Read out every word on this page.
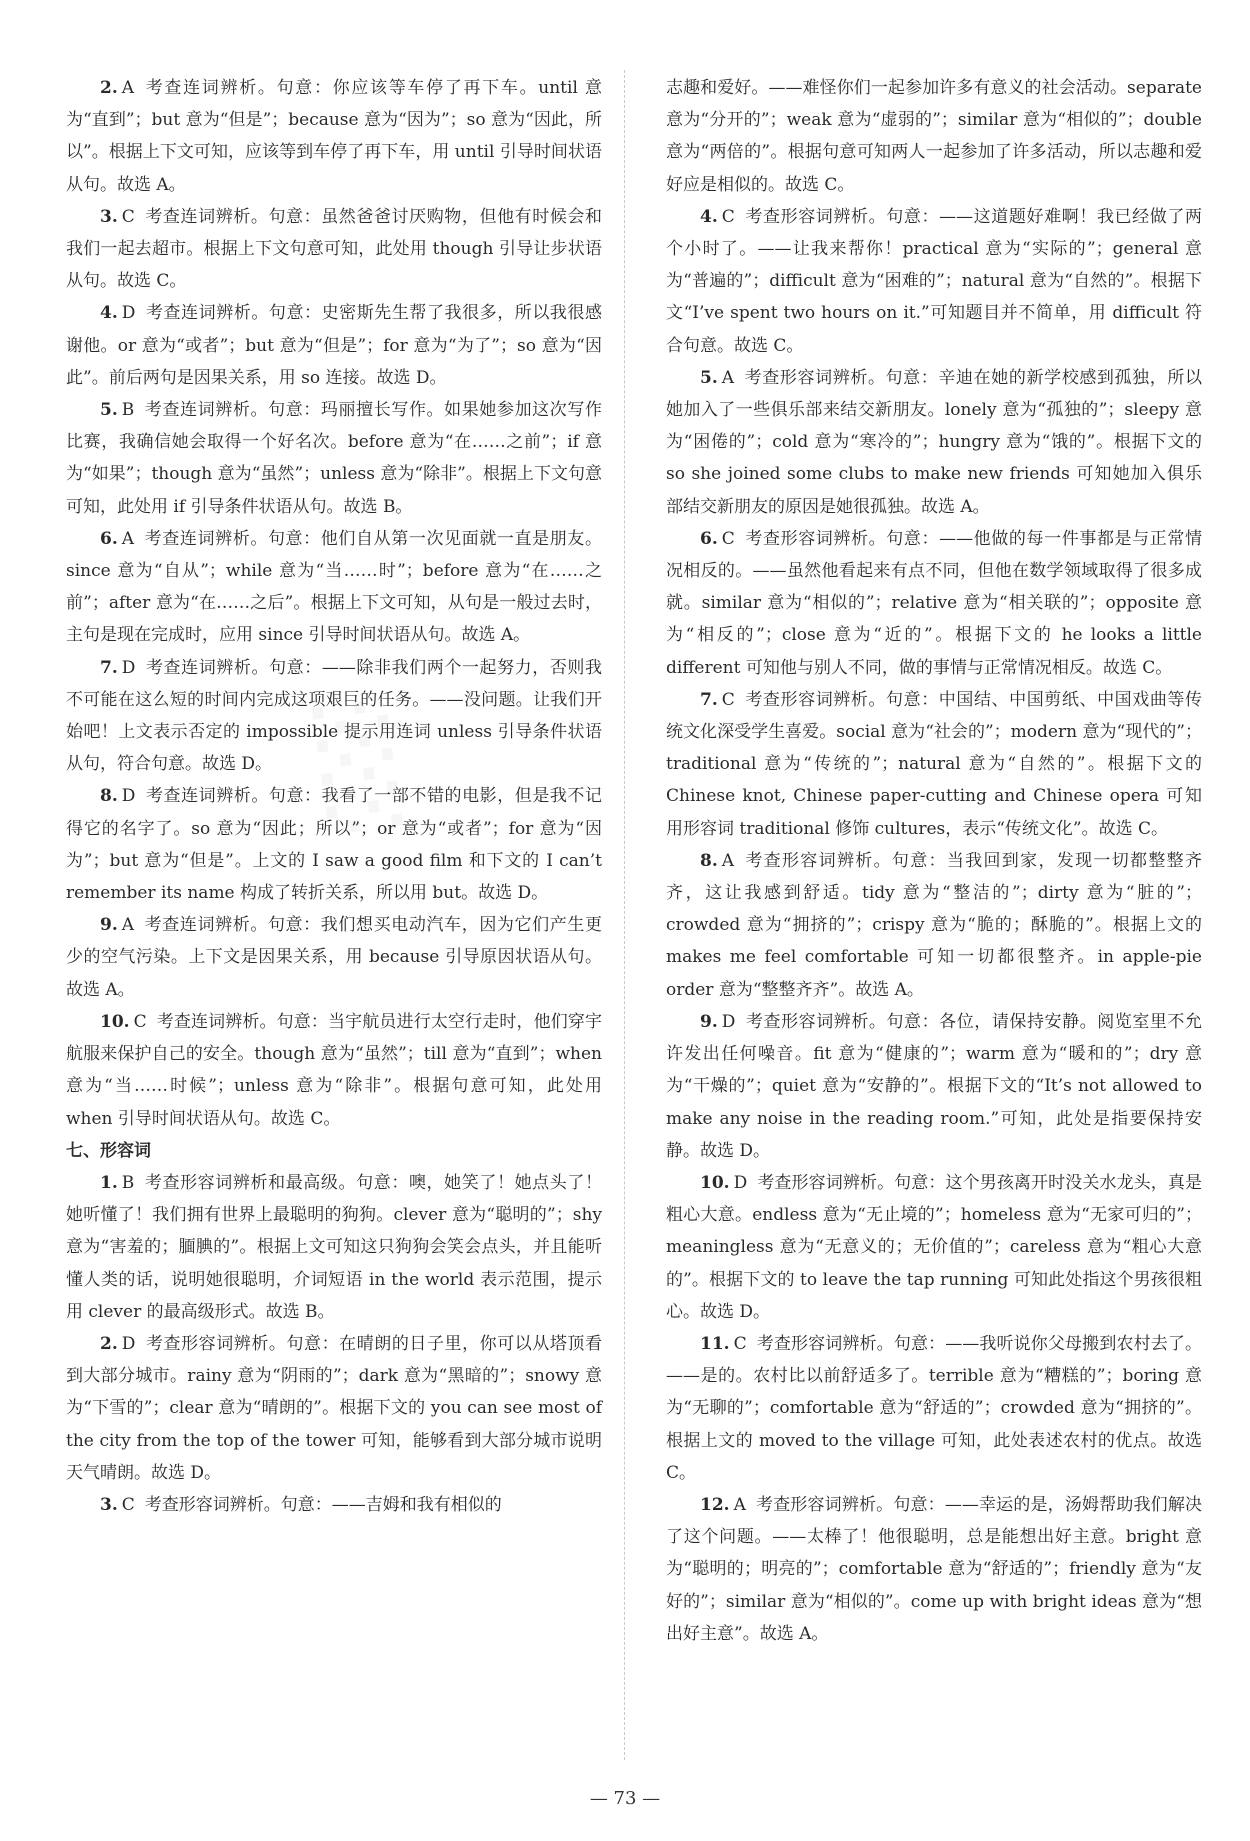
░

2. A 考查连词辨析。句意：你应该等车停了再下车。until 意为“直到”；but 意为“但是”；because 意为“因为”；so 意为“因此，所以”。根据上下文可知，应该等到车停了再下车，用 until 引导时间状语从句。故选 A。

3. C 考查连词辨析。句意：虽然爸爸讨厌购物，但他有时候会和我们一起去超市。根据上下文句意可知，此处用 though 引导让步状语从句。故选 C。

4. D 考查连词辨析。句意：史密斯先生帮了我很多，所以我很感谢他。or 意为“或者”；but 意为“但是”；for 意为“为了”；so 意为“因此”。前后两句是因果关系，用 so 连接。故选 D。

5. B 考查连词辨析。句意：玛丽擅长写作。如果她参加这次写作比赛，我确信她会取得一个好名次。before 意为“在……之前”；if 意为“如果”；though 意为“虽然”；unless 意为“除非”。根据上下文句意可知，此处用 if 引导条件状语从句。故选 B。

6. A 考查连词辨析。句意：他们自从第一次见面就一直是朋友。since 意为“自从”；while 意为“当……时”；before 意为“在……之前”；after 意为“在……之后”。根据上下文可知，从句是一般过去时，主句是现在完成时，应用 since 引导时间状语从句。故选 A。

7. D 考查连词辨析。句意：——除非我们两个一起努力，否则我不可能在这么短的时间内完成这项艰巨的任务。——没问题。让我们开始吧！上文表示否定的 impossible 提示用连词 unless 引导条件状语从句，符合句意。故选 D。

8. D 考查连词辨析。句意：我看了一部不错的电影，但是我不记得它的名字了。so 意为“因此；所以”；or 意为“或者”；for 意为“因为”；but 意为“但是”。上文的 I saw a good film 和下文的 I can’t remember its name 构成了转折关系，所以用 but。故选 D。

9. A 考查连词辨析。句意：我们想买电动汽车，因为它们产生更少的空气污染。上下文是因果关系，用 because 引导原因状语从句。故选 A。

10. C 考查连词辨析。句意：当宇航员进行太空行走时，他们穿宇航服来保护自己的安全。though 意为“虽然”；till 意为“直到”；when 意为“当……时候”；unless 意为“除非”。根据句意可知，此处用 when 引导时间状语从句。故选 C。

七、形容词

1. B 考查形容词辨析和最高级。句意：噢，她笑了！她点头了！她听懂了！我们拥有世界上最聪明的狗狗。clever 意为“聪明的”；shy 意为“害羞的；腼腆的”。根据上文可知这只狗狗会笑会点头，并且能听懂人类的话，说明她很聪明，介词短语 in the world 表示范围，提示用 clever 的最高级形式。故选 B。

2. D 考查形容词辨析。句意：在晴朗的日子里，你可以从塔顶看到大部分城市。rainy 意为“阴雨的”；dark 意为“黑暗的”；snowy 意为“下雪的”；clear 意为“晴朗的”。根据下文的 you can see most of the city from the top of the tower 可知，能够看到大部分城市说明天气晴朗。故选 D。

3. C 考查形容词辨析。句意：——吉姆和我有相似的

志趣和爱好。——难怪你们一起参加许多有意义的社会活动。separate 意为“分开的”；weak 意为“虚弱的”；similar 意为“相似的”；double 意为“两倍的”。根据句意可知两人一起参加了许多活动，所以志趣和爱好应是相似的。故选 C。

4. C 考查形容词辨析。句意：——这道题好难啊！我已经做了两个小时了。——让我来帮你！practical 意为“实际的”；general 意为“普遍的”；difficult 意为“困难的”；natural 意为“自然的”。根据下文“I’ve spent two hours on it.”可知题目并不简单，用 difficult 符合句意。故选 C。

5. A 考查形容词辨析。句意：辛迪在她的新学校感到孤独，所以她加入了一些俱乐部来结交新朋友。lonely 意为“孤独的”；sleepy 意为“困倦的”；cold 意为“寒冷的”；hungry 意为“饿的”。根据下文的 so she joined some clubs to make new friends 可知她加入俱乐部结交新朋友的原因是她很孤独。故选 A。

6. C 考查形容词辨析。句意：——他做的每一件事都是与正常情况相反的。——虽然他看起来有点不同，但他在数学领域取得了很多成就。similar 意为“相似的”；relative 意为“相关联的”；opposite 意为“相反的”；close 意为“近的”。根据下文的 he looks a little different 可知他与别人不同，做的事情与正常情况相反。故选 C。

7. C 考查形容词辨析。句意：中国结、中国剪纸、中国戏曲等传统文化深受学生喜爱。social 意为“社会的”；modern 意为“现代的”；traditional 意为“传统的”；natural 意为“自然的”。根据下文的 Chinese knot, Chinese paper-cutting and Chinese opera 可知用形容词 traditional 修饰 cultures，表示“传统文化”。故选 C。

8. A 考查形容词辨析。句意：当我回到家，发现一切都整整齐齐，这让我感到舒适。tidy 意为“整洁的”；dirty 意为“脏的”；crowded 意为“拥挤的”；crispy 意为“脆的；酥脆的”。根据上文的 makes me feel comfortable 可知一切都很整齐。in apple-pie order 意为“整整齐齐”。故选 A。

9. D 考查形容词辨析。句意：各位，请保持安静。阅览室里不允许发出任何噪音。fit 意为“健康的”；warm 意为“暖和的”；dry 意为“干燥的”；quiet 意为“安静的”。根据下文的“It’s not allowed to make any noise in the reading room.”可知，此处是指要保持安静。故选 D。

10. D 考查形容词辨析。句意：这个男孩离开时没关水龙头，真是粗心大意。endless 意为“无止境的”；homeless 意为“无家可归的”；meaningless 意为“无意义的；无价值的”；careless 意为“粗心大意的”。根据下文的 to leave the tap running 可知此处指这个男孩很粗心。故选 D。

11. C 考查形容词辨析。句意：——我听说你父母搬到农村去了。——是的。农村比以前舒适多了。terrible 意为“糟糕的”；boring 意为“无聊的”；comfortable 意为“舒适的”；crowded 意为“拥挤的”。根据上文的 moved to the village 可知，此处表述农村的优点。故选 C。

12. A 考查形容词辨析。句意：——幸运的是，汤姆帮助我们解决了这个问题。——太棒了！他很聪明，总是能想出好主意。bright 意为“聪明的；明亮的”；comfortable 意为“舒适的”；friendly 意为“友好的”；similar 意为“相似的”。come up with bright ideas 意为“想出好主意”。故选 A。

— 73 —
